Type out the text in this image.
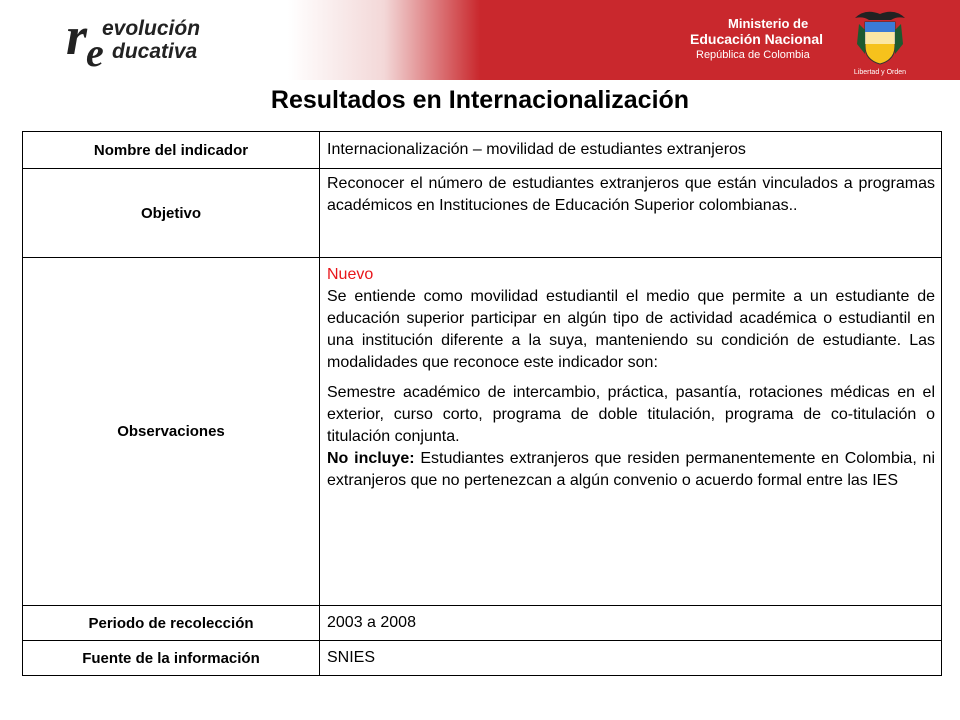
r
e
evolución
ducativa
Ministerio de
Educación Nacional
República de Colombia
Libertad y Orden
Resultados en Internacionalización
Nombre del indicador	Internacionalización – movilidad de estudiantes extranjeros
Objetivo	Reconocer el número de estudiantes extranjeros que están vinculados a programas académicos en Instituciones de Educación Superior colombianas..
Observaciones	Nuevo

Se entiende como movilidad estudiantil el medio que permite a un estudiante de educación superior participar en algún tipo de actividad académica o estudiantil en una institución diferente a la suya, manteniendo su condición de estudiante. Las modalidades que reconoce este indicador son:

Semestre académico de intercambio, práctica, pasantía, rotaciones médicas en el exterior, curso corto, programa de doble titulación, programa de co-titulación o titulación conjunta.

No incluye: Estudiantes extranjeros que residen permanentemente en Colombia, ni extranjeros que no pertenezcan a algún convenio o acuerdo formal entre las IES

Periodo de recolección	2003 a 2008
Fuente de la información	SNIES
